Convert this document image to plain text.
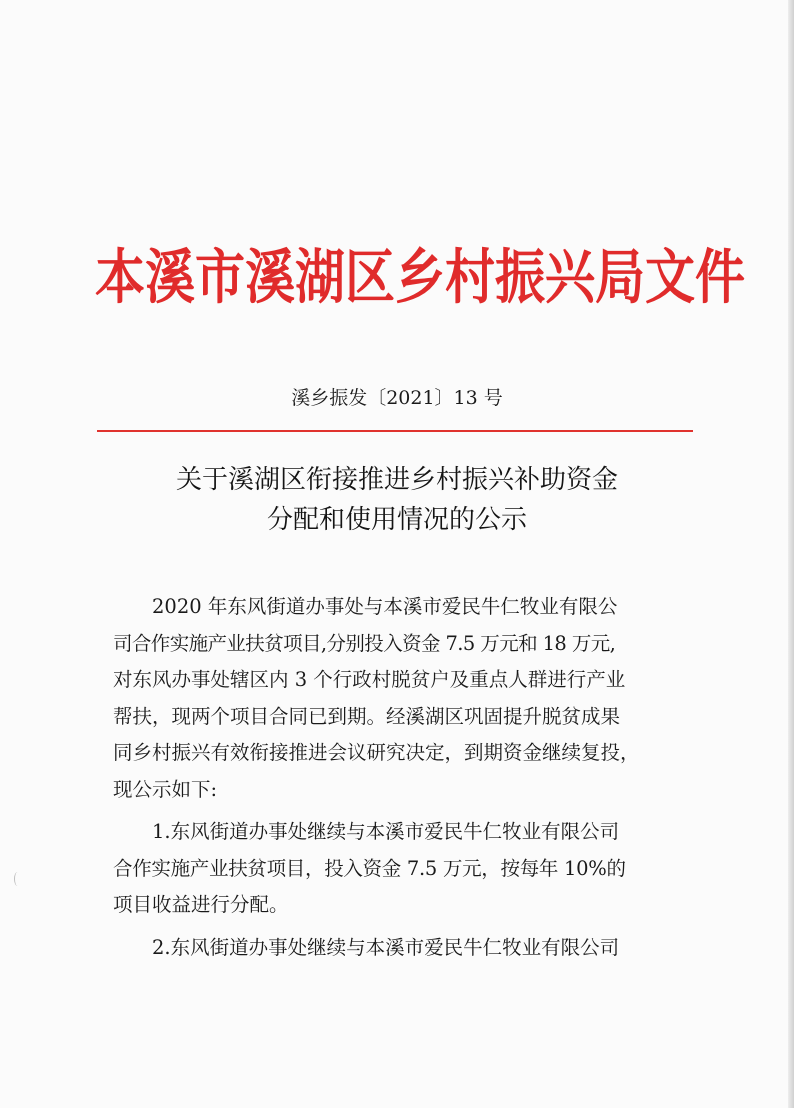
本溪市溪湖区乡村振兴局文件
溪乡振发〔2021〕13 号
关于溪湖区衔接推进乡村振兴补助资金
分配和使用情况的公示

2020 年东风街道办事处与本溪市爱民牛仁牧业有限公
司合作实施产业扶贫项目,分别投入资金 7.5 万元和 18 万元,
对东风办事处辖区内 3 个行政村脱贫户及重点人群进行产业
帮扶，现两个项目合同已到期。经溪湖区巩固提升脱贫成果
同乡村振兴有效衔接推进会议研究决定，到期资金继续复投，
现公示如下:

1.东风街道办事处继续与本溪市爱民牛仁牧业有限公司
合作实施产业扶贫项目，投入资金 7.5 万元，按每年 10%的
项目收益进行分配。

2.东风街道办事处继续与本溪市爱民牛仁牧业有限公司
